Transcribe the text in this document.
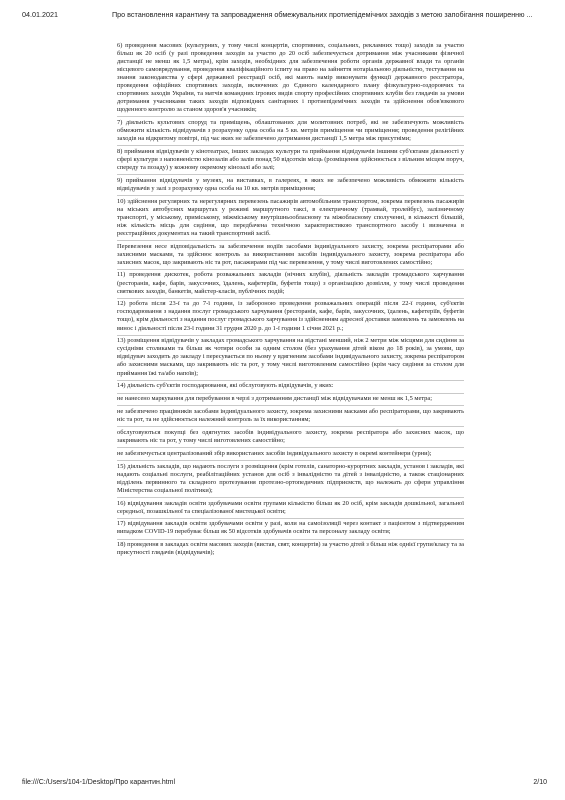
04.01.2021	Про встановлення карантину та запровадження обмежувальних протиепідемічних заходів з метою запобігання поширенню ...
6) проведення масових (культурних, у тому числі концертів, спортивних, соціальних, рекламних тощо) заходів за участю більш як 20 осіб (у разі проведення заходів за участю до 20 осіб забезпечується дотримання між учасниками фізичної дистанції не менш як 1,5 метра), крім заходів, необхідних для забезпечення роботи органів державної влади та органів місцевого самоврядування, проведення кваліфікаційного іспиту на право на зайняття нотаріальною діяльністю, тестування на знання законодавства у сфері державної реєстрації осіб, які мають намір виконувати функції державного реєстратора, проведення офіційних спортивних заходів, включених до Єдиного календарного плану фізкультурно-оздоровчих та спортивних заходів України, та матчів командних ігрових видів спорту професійних спортивних клубів без глядачів за умови дотримання учасниками таких заходів відповідних санітарних і протиепідемічних заходів та здійснення обов'язкового щоденного контролю за станом здоров'я учасників;
7) діяльність культових споруд та приміщень, облаштованих для молитовних потреб, які не забезпечують можливість обмежити кількість відвідувачів з розрахунку одна особа на 5 кв. метрів приміщення чи приміщення; проведення релігійних заходів на відкритому повітрі, під час яких не забезпечено дотримання дистанції 1,5 метра між присутніми;
8) приймання відвідувачів у кінотеатрах, інших закладах культури та приймання відвідувачів іншими суб'єктами діяльності у сфері культури з наповненістю кінозалів або залів понад 50 відсотків місць (розміщення здійснюється з вільним місцем поруч, спереду та позаду) у кожному окремому кінозалі або залі;
9) приймання відвідувачів у музеях, на виставках, в галереях, в яких не забезпечено можливість обмежити кількість відвідувачів у залі з розрахунку одна особа на 10 кв. метрів приміщення;
10) здійснення регулярних та нерегулярних перевезень пасажирів автомобільним транспортом, зокрема перевезень пасажирів на міських автобусних маршрутах у режимі маршрутного таксі, в електричному (трамвай, тролейбус), залізничному транспорті, у міському, приміському, міжміському внутрішньообласному та міжобласному сполученні, в кількості більшій, ніж кількість місць для сидіння, що передбачена технічною характеристикою транспортного засобу і визначена в реєстраційних документах на такий транспортний засіб.
Перевезення несе відповідальність за забезпечення водіїв засобами індивідуального захисту, зокрема респіраторами або захисними масками, та здійснює контроль за використанням засобів індивідуального захисту, зокрема респіратора або захисних масок, що закривають ніс та рот, пасажирами під час перевезення, у тому числі виготовлених самостійно;
11) проведення дискотек, робота розважальних закладів (нічних клубів), діяльність закладів громадського харчування (ресторанів, кафе, барів, закусочних, їдалень, кафетеріїв, буфетів тощо) з організацією дозвілля, у тому числі проведення святкових заходів, банкетів, майстер-класів, публічних подій;
12) робота після 23-ї та до 7-ї години, із забороною проведення розважальних операцій після 22-ї години, суб'єктів господарювання з надання послуг громадського харчування (ресторанів, кафе, барів, закусочних, їдалень, кафетеріїв, буфетів тощо), крім діяльності з надання послуг громадського харчування із здійсненням адресної доставки замовлень та замовлень на винос і діяльності після 23-ї години 31 грудня 2020 р. до 1-ї години 1 січня 2021 р.;
13) розміщення відвідувачів у закладах громадського харчування на відстані менший, ніж 2 метри між місцями для сидіння за сусідніми столиками та більш як чотири особи за одним столом (без урахування дітей віком до 18 років), за умови, що відвідувач заходить до закладу і пересувається по ньому у вдягненим засобами індивідуального захисту, зокрема респіратором або захисними масками, що закривають ніс та рот, у тому числі виготовленим самостійно (крім часу сидіння за столом для приймання їжі та/або напоїв);
14) діяльність суб'єктів господарювання, які обслуговують відвідувачів, у яких:
не нанесено маркування для перебування в черзі з дотриманням дистанції між відвідувачами не менш як 1,5 метра;
не забезпечено працівників засобами індивідуального захисту, зокрема захисними масками або респіраторами, що закривають ніс та рот, та не здійснюється належний контроль за їх використанням;
обслуговуються покупці без одягнутих засобів індивідуального захисту, зокрема респіратора або захисних масок, що закривають ніс та рот, у тому числі виготовлених самостійно;
не забезпечується централізований збір використаних засобів індивідуального захисту в окремі контейнери (урни);
15) діяльність закладів, що надають послуги з розміщення (крім готелів, санаторно-курортних закладів, установ і закладів, які надають соціальні послуги, реабілітаційних установ для осіб з інвалідністю та дітей з інвалідністю, а також стаціонарних відділень первинного та складного протезування протезно-ортопедичних підприємств, що належать до сфери управління Міністерства соціальної політики);
16) відвідування закладів освіти здобувачами освіти групами кількістю більш як 20 осіб, крім закладів дошкільної, загальної середньої, позашкільної та спеціалізованої мистецької освіти;
17) відвідування закладів освіти здобувачами освіти у разі, коли на самоізоляції через контакт з пацієнтом з підтвердженим випадком COVID-19 перебуває більш як 50 відсотків здобувачів освіти та персоналу закладу освіти;
18) проведення в закладах освіти масових заходів (вистав, свят, концертів) за участю дітей з більш ніж однієї групи/класу та за присутності глядачів (відвідувачів);
file:///C:/Users/104-1/Desktop/Про карантин.html	2/10
